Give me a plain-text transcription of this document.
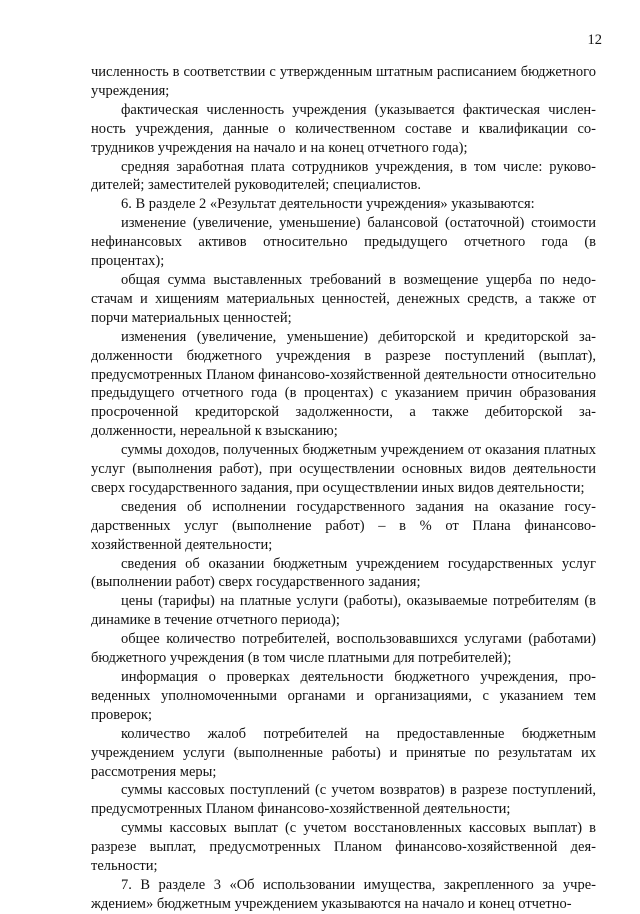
12

численность в соответствии с утвержденным штатным расписанием бюджетного учреждения;

фактическая численность учреждения (указывается фактическая численность учреждения, данные о количественном составе и квалификации сотрудников учреждения на начало и на конец отчетного года);

средняя заработная плата сотрудников учреждения, в том числе: руководителей; заместителей руководителей; специалистов.

6. В разделе 2 «Результат деятельности учреждения» указываются:

изменение (увеличение, уменьшение) балансовой (остаточной) стоимости нефинансовых активов относительно предыдущего отчетного года (в процентах);

общая сумма выставленных требований в возмещение ущерба по недостачам и хищениям материальных ценностей, денежных средств, а также от порчи материальных ценностей;

изменения (увеличение, уменьшение) дебиторской и кредиторской задолженности бюджетного учреждения в разрезе поступлений (выплат), предусмотренных Планом финансово-хозяйственной деятельности относительно предыдущего отчетного года (в процентах) с указанием причин образования просроченной кредиторской задолженности, а также дебиторской задолженности, нереальной к взысканию;

суммы доходов, полученных бюджетным учреждением от оказания платных услуг (выполнения работ), при осуществлении основных видов деятельности сверх государственного задания, при осуществлении иных видов деятельности;

сведения об исполнении государственного задания на оказание государственных услуг (выполнение работ) – в % от Плана финансово-хозяйственной деятельности;

сведения об оказании бюджетным учреждением государственных услуг (выполнении работ) сверх государственного задания;

цены (тарифы) на платные услуги (работы), оказываемые потребителям (в динамике в течение отчетного периода);

общее количество потребителей, воспользовавшихся услугами (работами) бюджетного учреждения (в том числе платными для потребителей);

информация о проверках деятельности бюджетного учреждения, проведенных уполномоченными органами и организациями, с указанием тем проверок;

количество жалоб потребителей на предоставленные бюджетным учреждением услуги (выполненные работы) и принятые по результатам их рассмотрения меры;

суммы кассовых поступлений (с учетом возвратов) в разрезе поступлений, предусмотренных Планом финансово-хозяйственной деятельности;

суммы кассовых выплат (с учетом восстановленных кассовых выплат) в разрезе выплат, предусмотренных Планом финансово-хозяйственной деятельности;

7. В разделе 3 «Об использовании имущества, закрепленного за учреждением» бюджетным учреждением указываются на начало и конец отчетно-
